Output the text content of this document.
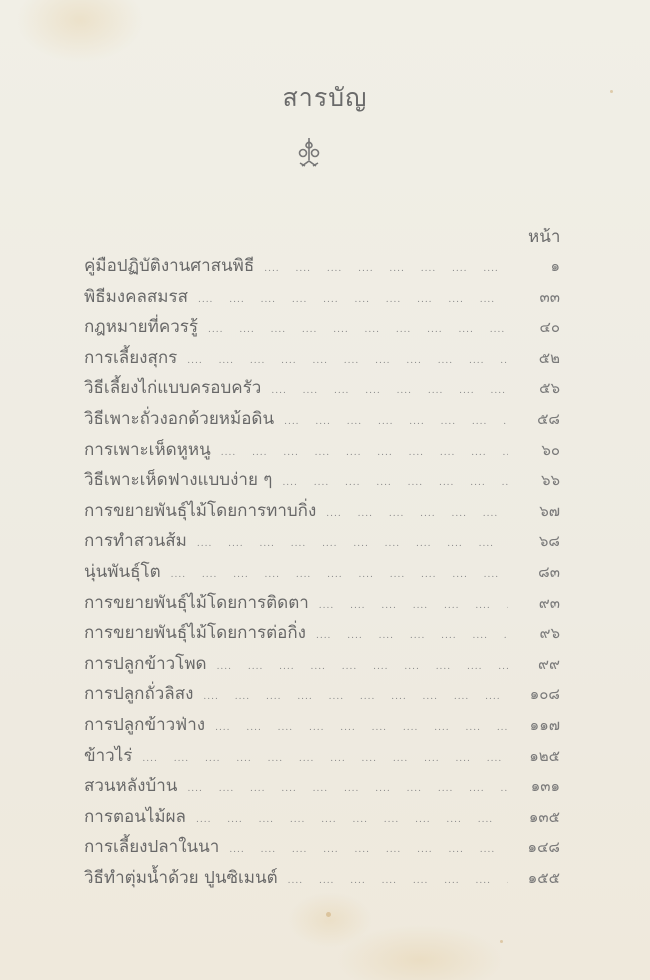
สารบัญ
หน้า
คู่มือปฏิบัติงานศาสนพิธี ....	๑
พิธีมงคลสมรส ....	๓๓
กฎหมายที่ควรรู้ ....	๔๐
การเลี้ยงสุกร ....	๕๒
วิธีเลี้ยงไก่แบบครอบครัว ....	๕๖
วิธีเพาะถั่วงอกด้วยหม้อดิน ....	๕๘
การเพาะเห็ดหูหนู ....	๖๐
วิธีเพาะเห็ดฟางแบบง่าย ๆ ....	๖๖
การขยายพันธุ์ไม้โดยการทาบกิ่ง ....	๖๗
การทำสวนส้ม ....	๖๘
นุ่นพันธุ์โต ....	๘๓
การขยายพันธุ์ไม้โดยการติดตา ....	๙๓
การขยายพันธุ์ไม้โดยการต่อกิ่ง ....	๙๖
การปลูกข้าวโพด ....	๙๙
การปลูกถั่วลิสง ....	๑๐๘
การปลูกข้าวฟ่าง ....	๑๑๗
ข้าวไร่ ....	๑๒๕
สวนหลังบ้าน ....	๑๓๑
การตอนไม้ผล ....	๑๓๕
การเลี้ยงปลาในนา ....	๑๔๘
วิธีทำตุ่มน้ำด้วย ปูนซิเมนต์ ....	๑๕๕
